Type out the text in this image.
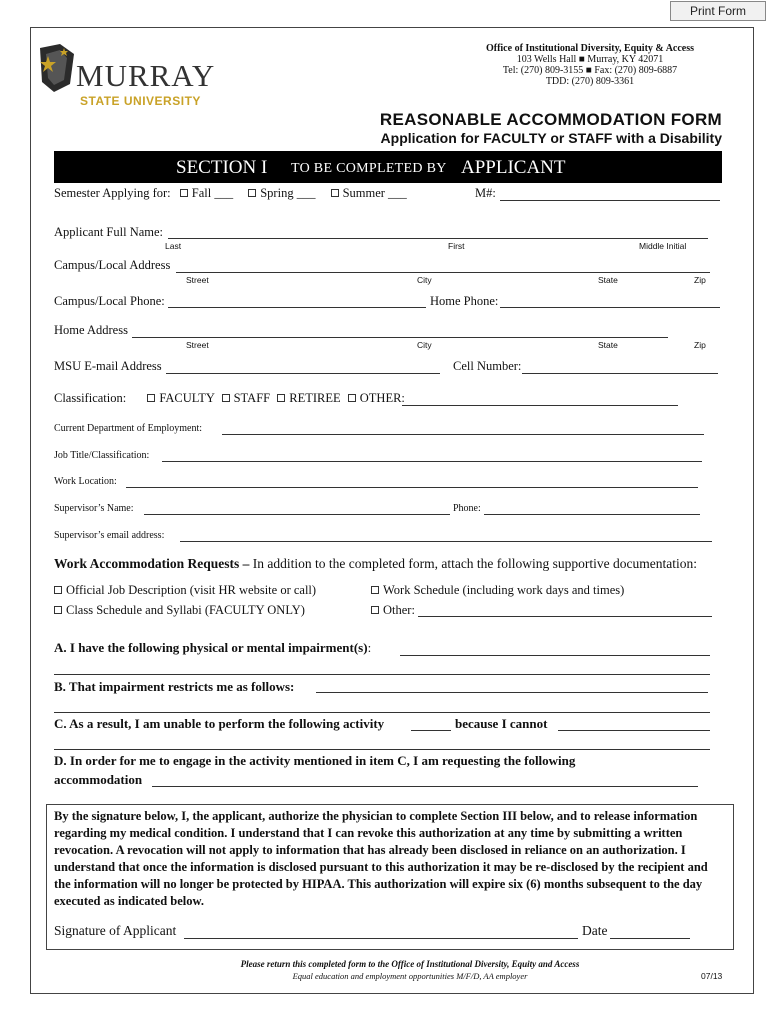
Print Form
MURRAY
STATE UNIVERSITY
Office of Institutional Diversity, Equity & Access
103 Wells Hall ■ Murray, KY 42071
Tel: (270) 809-3155 ■ Fax: (270) 809-6887
TDD: (270) 809-3361
REASONABLE ACCOMMODATION FORM
Application for FACULTY or STAFF with a Disability
SECTION I TO BE COMPLETED BY APPLICANT
Semester Applying for: Fall ___ Spring ___ Summer ___	M#:
Applicant Full Name:
Last	First	Middle Initial
Campus/Local Address
Street	City	State	Zip
Campus/Local Phone:	Home Phone:
Home Address
Street	City	State	Zip
MSU E-mail Address	Cell Number:
Classification:	FACULTY STAFF RETIREE OTHER:
Current Department of Employment:
Job Title/Classification:
Work Location:
Supervisor’s Name:	Phone:
Supervisor’s email address:
Work Accommodation Requests – In addition to the completed form, attach the following supportive documentation:
Official Job Description (visit HR website or call)	Work Schedule (including work days and times)
Class Schedule and Syllabi (FACULTY ONLY)	Other:
A. I have the following physical or mental impairment(s):
B. That impairment restricts me as follows:
C. As a result, I am unable to perform the following activity	because I cannot
D. In order for me to engage in the activity mentioned in item C, I am requesting the following
accommodation
By the signature below, I, the applicant, authorize the physician to complete Section III below, and to release information regarding my medical condition. I understand that I can revoke this authorization at any time by submitting a written revocation. A revocation will not apply to information that has already been disclosed in reliance on an authorization. I understand that once the information is disclosed pursuant to this authorization it may be re-disclosed by the recipient and the information will no longer be protected by HIPAA. This authorization will expire six (6) months subsequent to the day executed as indicated below.
Signature of Applicant	Date
Please return this completed form to the Office of Institutional Diversity, Equity and Access
Equal education and employment opportunities M/F/D, AA employer	07/13
